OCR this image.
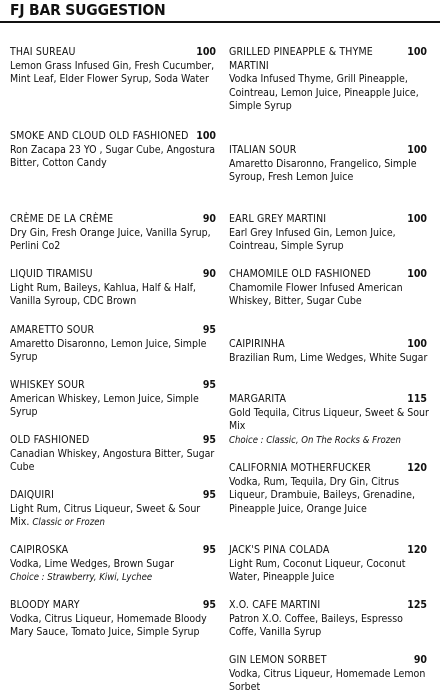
FJ BAR SUGGESTION
THAI SUREAU	100
Lemon Grass Infused Gin, Fresh Cucumber, Mint Leaf, Elder Flower Syrup, Soda Water
SMOKE AND CLOUD OLD FASHIONED 100
Ron Zacapa 23 YO , Sugar Cube, Angostura Bitter, Cotton Candy
CRÈME DE LA CRÈME	90
Dry Gin, Fresh Orange Juice, Vanilla Syrup, Perlini Co2
LIQUID TIRAMISU	90
Light Rum, Baileys, Kahlua, Half & Half, Vanilla Syroup, CDC Brown
AMARETTO SOUR	95
Amaretto Disaronno, Lemon Juice, Simple Syrup
WHISKEY SOUR	95
American Whiskey, Lemon Juice, Simple Syrup
OLD FASHIONED	95
Canadian Whiskey, Angostura Bitter, Sugar Cube
DAIQUIRI	95
Light Rum, Citrus Liqueur, Sweet & Sour Mix. Classic or Frozen
CAIPIROSKA	95
Vodka, Lime Wedges, Brown Sugar
Choice : Strawberry, Kiwi, Lychee
BLOODY MARY	95
Vodka, Citrus Liqueur, Homemade Bloody Mary Sauce, Tomato Juice, Simple Syrup
GRILLED PINEAPPLE & THYME MARTINI
100
Vodka Infused Thyme, Grill Pineapple, Cointreau, Lemon Juice, Pineapple Juice, Simple Syrup
ITALIAN SOUR	100
Amaretto Disaronno, Frangelico, Simple Syroup, Fresh Lemon Juice
EARL GREY MARTINI	100
Earl Grey Infused Gin, Lemon Juice, Cointreau, Simple Syrup
CHAMOMILE OLD FASHIONED	100
Chamomile Flower Infused American Whiskey, Bitter, Sugar Cube
CAIPIRINHA	100
Brazilian Rum, Lime Wedges, White Sugar
MARGARITA	115
Gold Tequila, Citrus Liqueur, Sweet & Sour Mix
Choice : Classic, On The Rocks & Frozen
CALIFORNIA MOTHERFUCKER	120
Vodka, Rum, Tequila, Dry Gin, Citrus Liqueur, Drambuie, Baileys, Grenadine, Pineapple Juice, Orange Juice
JACK'S PINA COLADA	120
Light Rum, Coconut Liqueur, Coconut Water, Pineapple Juice
X.O. CAFE MARTINI	125
Patron X.O. Coffee, Baileys, Espresso Coffe, Vanilla Syrup
GIN LEMON SORBET	90
Vodka, Citrus Liqueur, Homemade Lemon Sorbet
